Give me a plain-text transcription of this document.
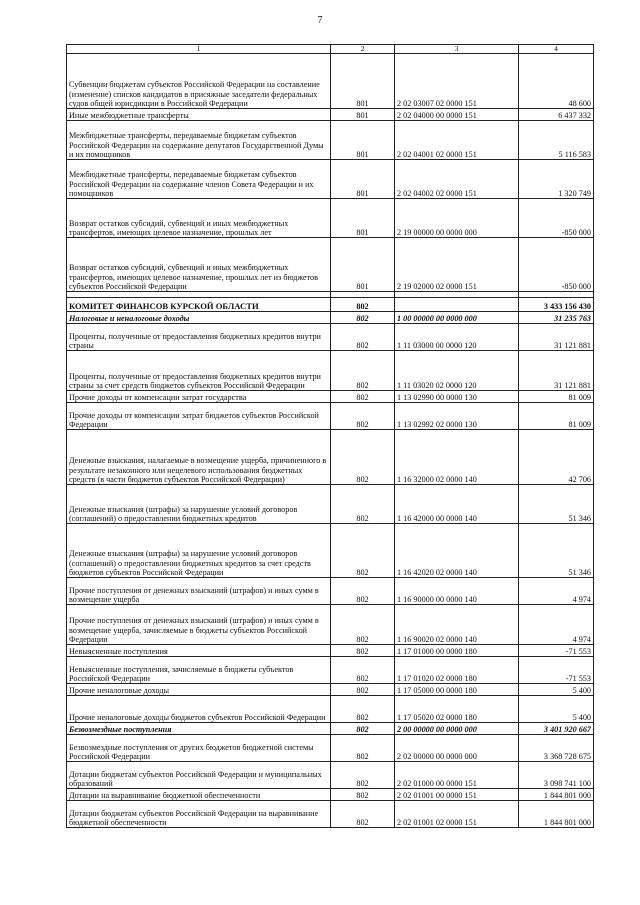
7
1	2	3	4
Субвенции бюджетам субъектов Российской Федерации на составление (изменение) списков кандидатов в присяжные заседатели федеральных судов общей юрисдикции в Российской Федерации	801	2 02 03007 02 0000 151	48 600
Иные межбюджетные трансферты	801	2 02 04000 00 0000 151	6 437 332
Межбюджетные трансферты, передаваемые бюджетам субъектов Российской Федерации на содержание депутатов Государственной Думы и их помощников	801	2 02 04001 02 0000 151	5 116 583
Межбюджетные трансферты, передаваемые бюджетам субъектов Российской Федерации на содержание членов Совета Федерации и их помощников	801	2 02 04002 02 0000 151	1 320 749
Возврат остатков субсидий, субвенций и иных межбюджетных трансфертов, имеющих целевое назначение, прошлых лет	801	2 19 00000 00 0000 000	-850 000
Возврат остатков субсидий, субвенций и иных межбюджетных трансфертов, имеющих целевое назначение, прошлых лет из бюджетов субъектов Российской Федерации	801	2 19 02000 02 0000 151	-850 000

КОМИТЕТ ФИНАНСОВ КУРСКОЙ ОБЛАСТИ	802		3 433 156 430
Налоговые и неналоговые доходы	802	1 00 00000 00 0000 000	31 235 763
Проценты, полученные от предоставления бюджетных кредитов внутри страны	802	1 11 03000 00 0000 120	31 121 881
Проценты, полученные от предоставления бюджетных кредитов внутри страны за счет средств бюджетов субъектов Российской Федерации	802	1 11 03020 02 0000 120	31 121 881
Прочие доходы от компенсации затрат государства	802	1 13 02990 00 0000 130	81 009
Прочие доходы от компенсации затрат бюджетов субъектов Российской Федерации	802	1 13 02992 02 0000 130	81 009
Денежные взыскания, налагаемые в возмещение ущерба, причиненного в результате незаконного или нецелевого использования бюджетных средств (в части бюджетов субъектов Российской Федерации)	802	1 16 32000 02 0000 140	42 706
Денежные взыскания (штрафы) за нарушение условий договоров (соглашений) о предоставлении бюджетных кредитов	802	1 16 42000 00 0000 140	51 346
Денежные взыскания (штрафы) за нарушение условий договоров (соглашений) о предоставлении бюджетных кредитов за счет средств бюджетов субъектов Российской Федерации	802	1 16 42020 02 0000 140	51 346
Прочие поступления от денежных взысканий (штрафов) и иных сумм в возмещение ущерба	802	1 16 90000 00 0000 140	4 974
Прочие поступления от денежных взысканий (штрафов) и иных сумм в возмещение ущерба, зачисляемые в бюджеты субъектов Российской Федерации	802	1 16 90020 02 0000 140	4 974
Невыясненные поступления	802	1 17 01000 00 0000 180	-71 553
Невыясненные поступления, зачисляемые в бюджеты субъектов Российской Федерации	802	1 17 01020 02 0000 180	-71 553
Прочие неналоговые доходы	802	1 17 05000 00 0000 180	5 400
Прочие неналоговые доходы бюджетов субъектов Российской Федерации	802	1 17 05020 02 0000 180	5 400
Безвозмездные поступления	802	2 00 00000 00 0000 000	3 401 920 667
Безвозмездные поступления от других бюджетов бюджетной системы Российской Федерации	802	2 02 00000 00 0000 000	3 368 728 675
Дотации бюджетам субъектов Российской Федерации и муниципальных образований	802	2 02 01000 00 0000 151	3 098 741 100
Дотации на выравнивание бюджетной обеспеченности	802	2 02 01001 00 0000 151	1 844 801 000
Дотации бюджетам субъектов Российской Федерации на выравнивание бюджетной обеспеченности	802	2 02 01001 02 0000 151	1 844 801 000
